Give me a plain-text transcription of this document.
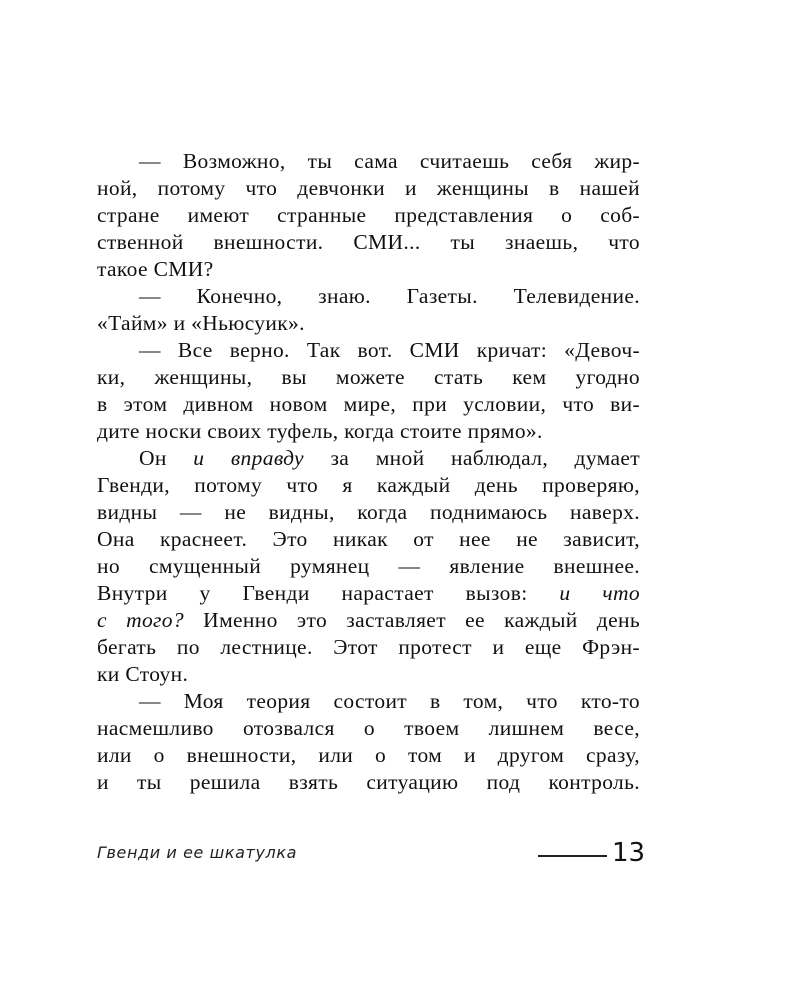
— Возможно, ты сама считаешь себя жир-
ной, потому что девчонки и женщины в нашей
стране имеют странные представления о соб-
ственной внешности. СМИ... ты знаешь, что
такое СМИ?
— Конечно, знаю. Газеты. Телевидение.
«Тайм» и «Ньюсуик».
— Все верно. Так вот. СМИ кричат: «Девоч-
ки, женщины, вы можете стать кем угодно
в этом дивном новом мире, при условии, что ви-
дите носки своих туфель, когда стоите прямо».
Он и вправду за мной наблюдал, думает
Гвенди, потому что я каждый день проверяю,
видны — не видны, когда поднимаюсь наверх.
Она краснеет. Это никак от нее не зависит,
но смущенный румянец — явление внешнее.
Внутри у Гвенди нарастает вызов: и что
с того? Именно это заставляет ее каждый день
бегать по лестнице. Этот протест и еще Фрэн-
ки Стоун.
— Моя теория состоит в том, что кто-то
насмешливо отозвался о твоем лишнем весе,
или о внешности, или о том и другом сразу,
и ты решила взять ситуацию под контроль.
Гвенди и ее шкатулка	13
